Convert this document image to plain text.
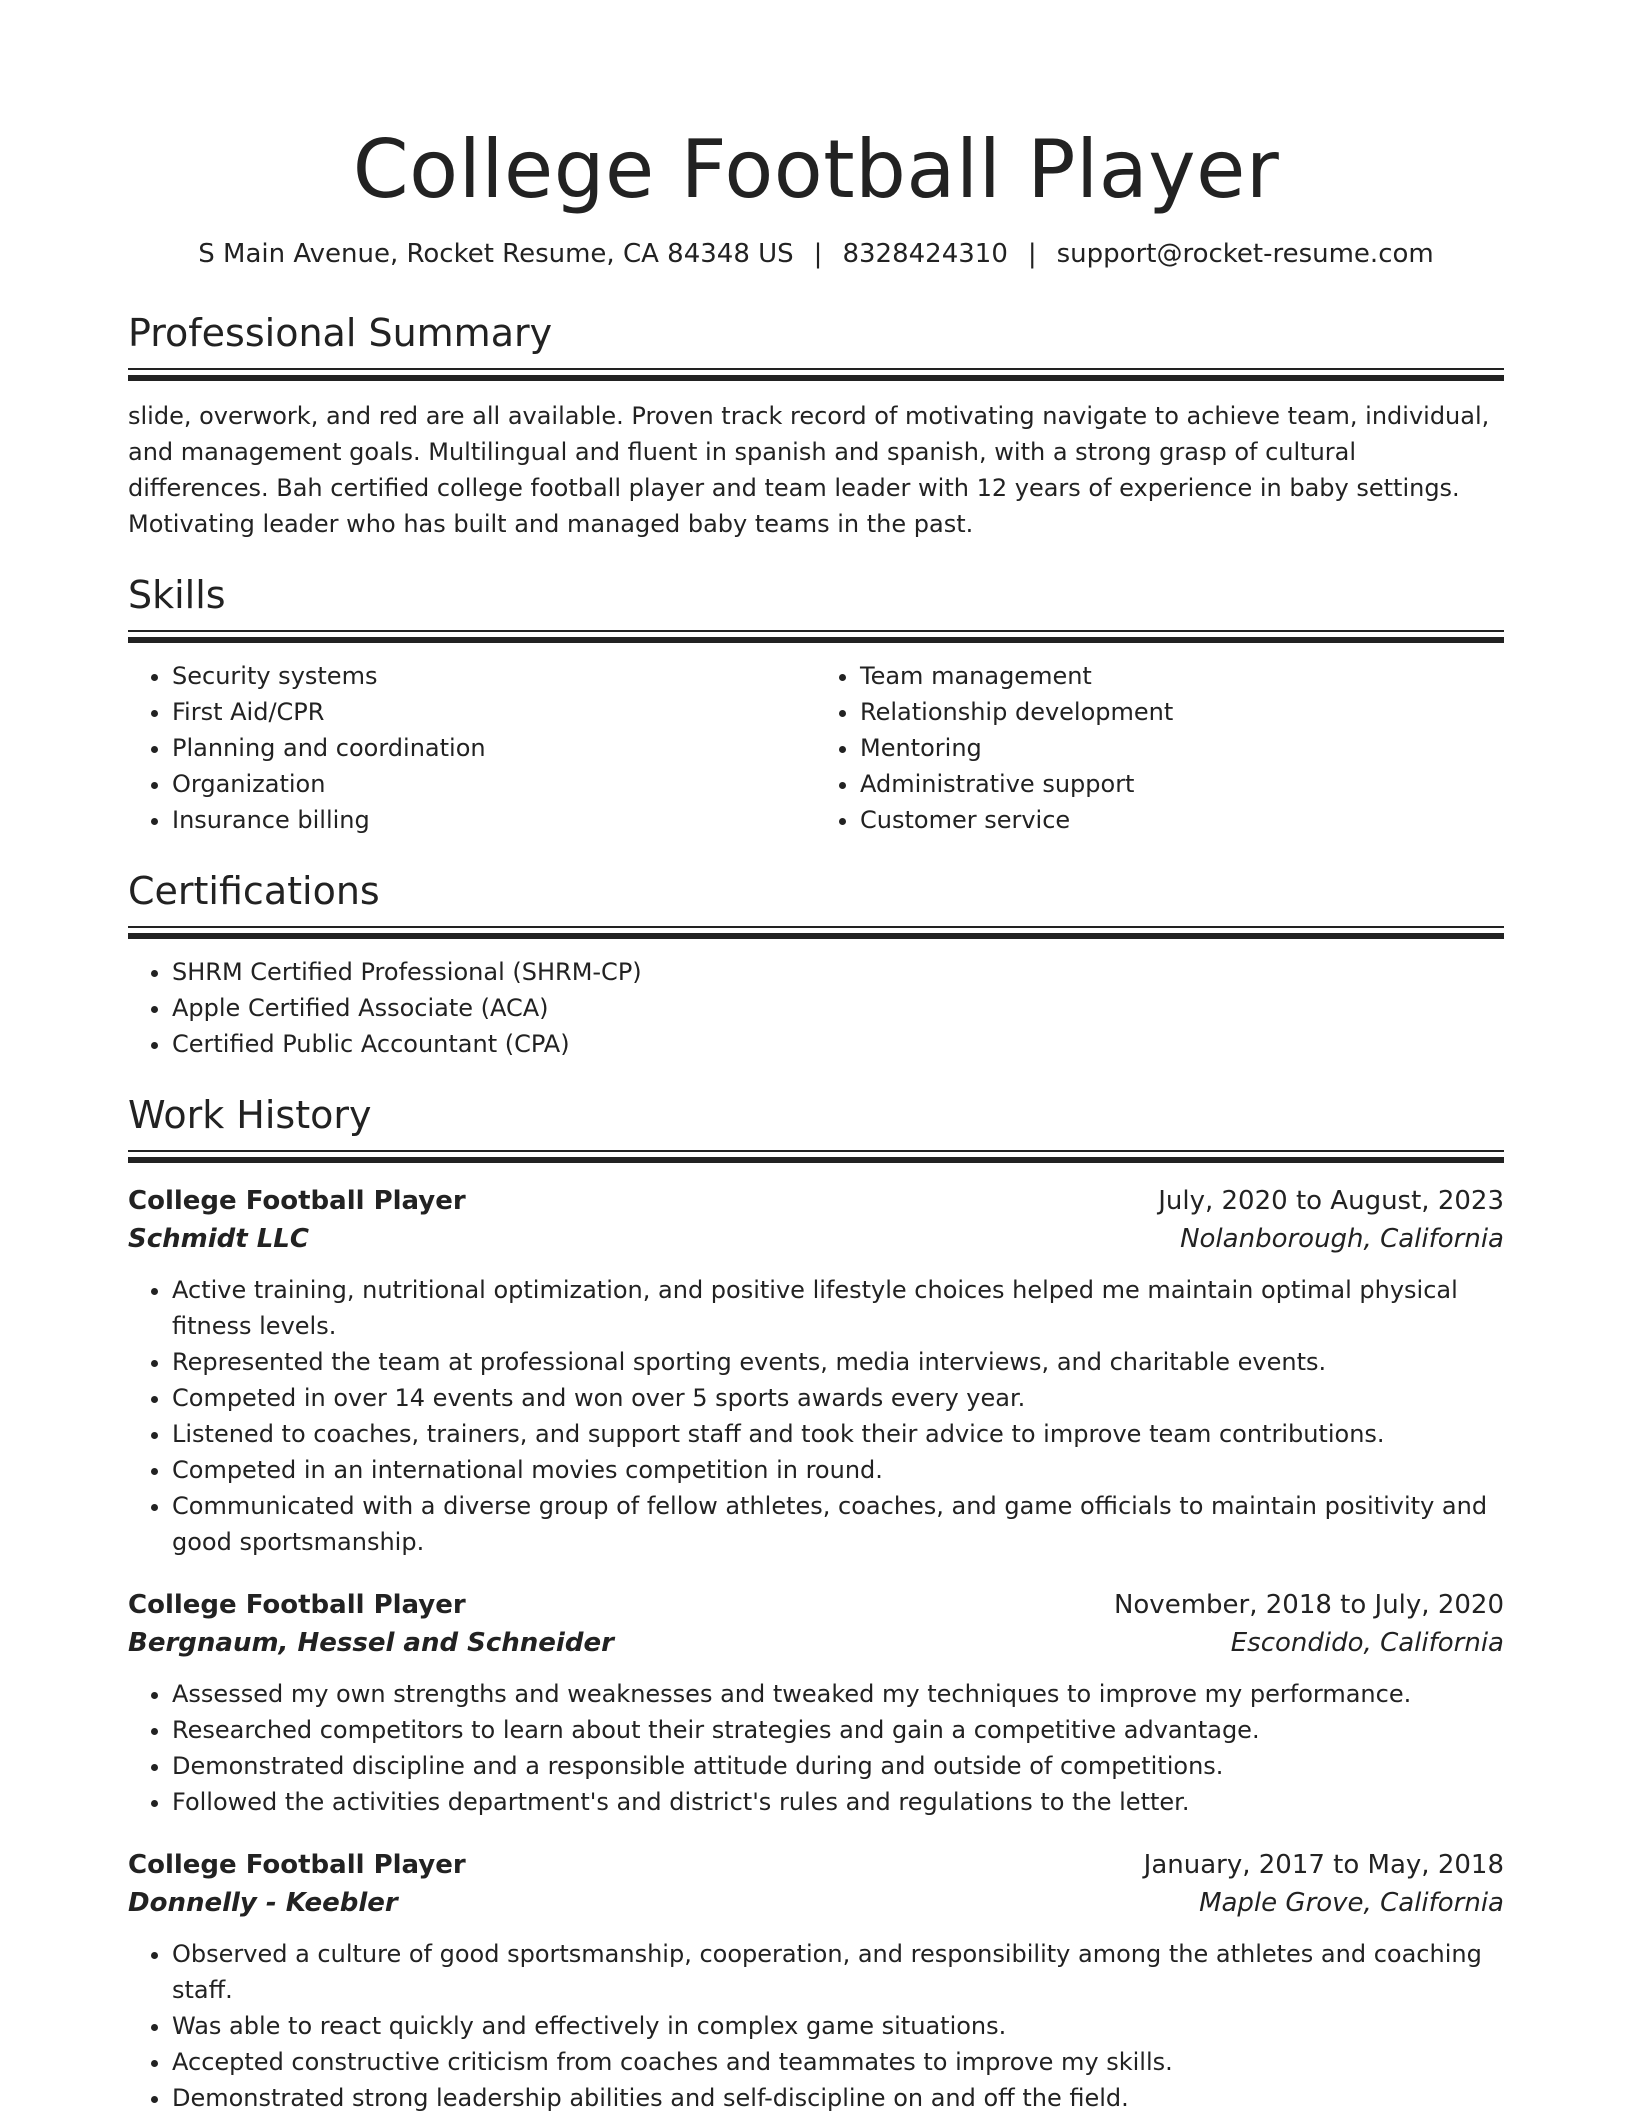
College Football Player
S Main Avenue, Rocket Resume, CA 84348 US | 8328424310 | support@rocket-resume.com
Professional Summary
slide, overwork, and red are all available. Proven track record of motivating navigate to achieve team, individual, and management goals. Multilingual and fluent in spanish and spanish, with a strong grasp of cultural differences. Bah certified college football player and team leader with 12 years of experience in baby settings. Motivating leader who has built and managed baby teams in the past.
Skills
• Security systems
• First Aid/CPR
• Planning and coordination
• Organization
• Insurance billing
• Team management
• Relationship development
• Mentoring
• Administrative support
• Customer service
Certifications
• SHRM Certified Professional (SHRM-CP)
• Apple Certified Associate (ACA)
• Certified Public Accountant (CPA)
Work History
College Football Player	July, 2020 to August, 2023
Schmidt LLC	Nolanborough, California
• Active training, nutritional optimization, and positive lifestyle choices helped me maintain optimal physical fitness levels.
• Represented the team at professional sporting events, media interviews, and charitable events.
• Competed in over 14 events and won over 5 sports awards every year.
• Listened to coaches, trainers, and support staff and took their advice to improve team contributions.
• Competed in an international movies competition in round.
• Communicated with a diverse group of fellow athletes, coaches, and game officials to maintain positivity and good sportsmanship.
College Football Player	November, 2018 to July, 2020
Bergnaum, Hessel and Schneider	Escondido, California
• Assessed my own strengths and weaknesses and tweaked my techniques to improve my performance.
• Researched competitors to learn about their strategies and gain a competitive advantage.
• Demonstrated discipline and a responsible attitude during and outside of competitions.
• Followed the activities department's and district's rules and regulations to the letter.
College Football Player	January, 2017 to May, 2018
Donnelly - Keebler	Maple Grove, California
• Observed a culture of good sportsmanship, cooperation, and responsibility among the athletes and coaching staff.
• Was able to react quickly and effectively in complex game situations.
• Accepted constructive criticism from coaches and teammates to improve my skills.
• Demonstrated strong leadership abilities and self-discipline on and off the field.
